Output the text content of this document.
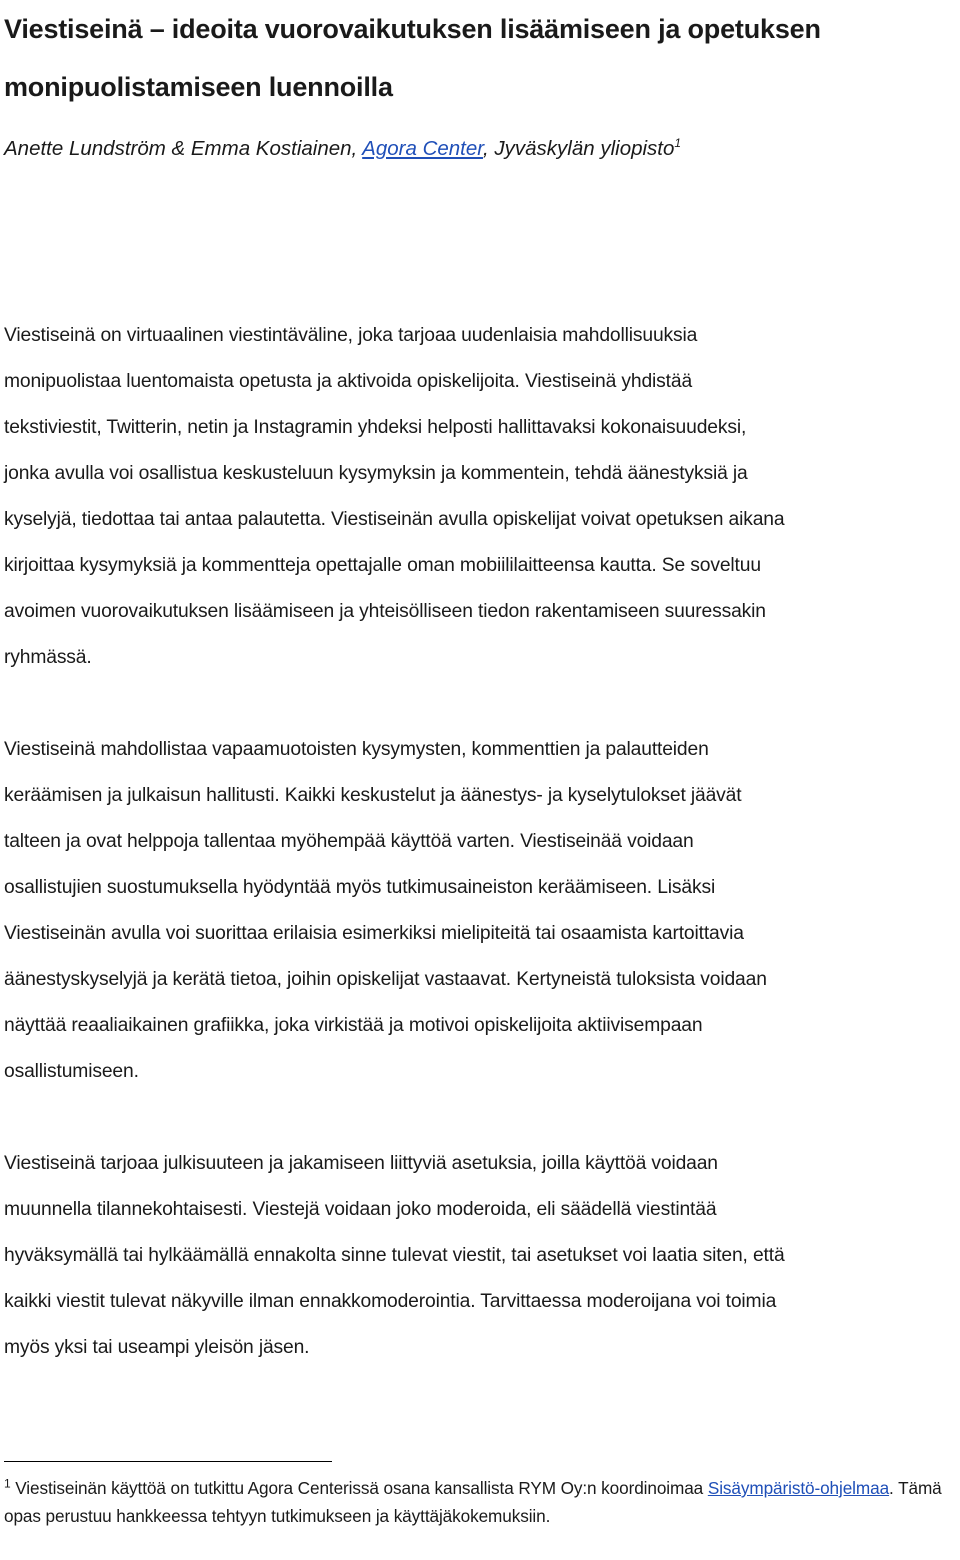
Viestiseinä – ideoita vuorovaikutuksen lisäämiseen ja opetuksen monipuolistamiseen luennoilla

Anette Lundström & Emma Kostiainen, Agora Center, Jyväskylän yliopisto$^1$

Viestiseinä on virtuaalinen viestintäväline, joka tarjoaa uudenlaisia mahdollisuuksia
monipuolistaa luentomaista opetusta ja aktivoida opiskelijoita. Viestiseinä yhdistää
tekstiviestit, Twitterin, netin ja Instagramin yhdeksi helposti hallittavaksi kokonaisuudeksi,
jonka avulla voi osallistua keskusteluun kysymyksin ja kommentein, tehdä äänestyksiä ja
kyselyjä, tiedottaa tai antaa palautetta. Viestiseinän avulla opiskelijat voivat opetuksen aikana
kirjoittaa kysymyksiä ja kommentteja opettajalle oman mobiililaitteensa kautta. Se soveltuu
avoimen vuorovaikutuksen lisäämiseen ja yhteisölliseen tiedon rakentamiseen suuressakin
ryhmässä.

Viestiseinä mahdollistaa vapaamuotoisten kysymysten, kommenttien ja palautteiden
keräämisen ja julkaisun hallitusti. Kaikki keskustelut ja äänestys- ja kyselytulokset jäävät
talteen ja ovat helppoja tallentaa myöhempää käyttöä varten. Viestiseinää voidaan
osallistujien suostumuksella hyödyntää myös tutkimusaineiston keräämiseen. Lisäksi
Viestiseinän avulla voi suorittaa erilaisia esimerkiksi mielipiteitä tai osaamista kartoittavia
äänestyskyselyjä ja kerätä tietoa, joihin opiskelijat vastaavat. Kertyneistä tuloksista voidaan
näyttää reaaliaikainen grafiikka, joka virkistää ja motivoi opiskelijoita aktiivisempaan
osallistumiseen.

Viestiseinä tarjoaa julkisuuteen ja jakamiseen liittyviä asetuksia, joilla käyttöä voidaan
muunnella tilannekohtaisesti. Viestejä voidaan joko moderoida, eli säädellä viestintää
hyväksymällä tai hylkäämällä ennakolta sinne tulevat viestit, tai asetukset voi laatia siten, että
kaikki viestit tulevat näkyville ilman ennakkomoderointia. Tarvittaessa moderoijana voi toimia
myös yksi tai useampi yleisön jäsen.

$^1$ Viestiseinän käyttöä on tutkittu Agora Centerissä osana kansallista RYM Oy:n koordinoimaa Sisäympäristö-ohjelmaa. Tämä opas perustuu hankkeessa tehtyyn tutkimukseen ja käyttäjäkokemuksiin.
